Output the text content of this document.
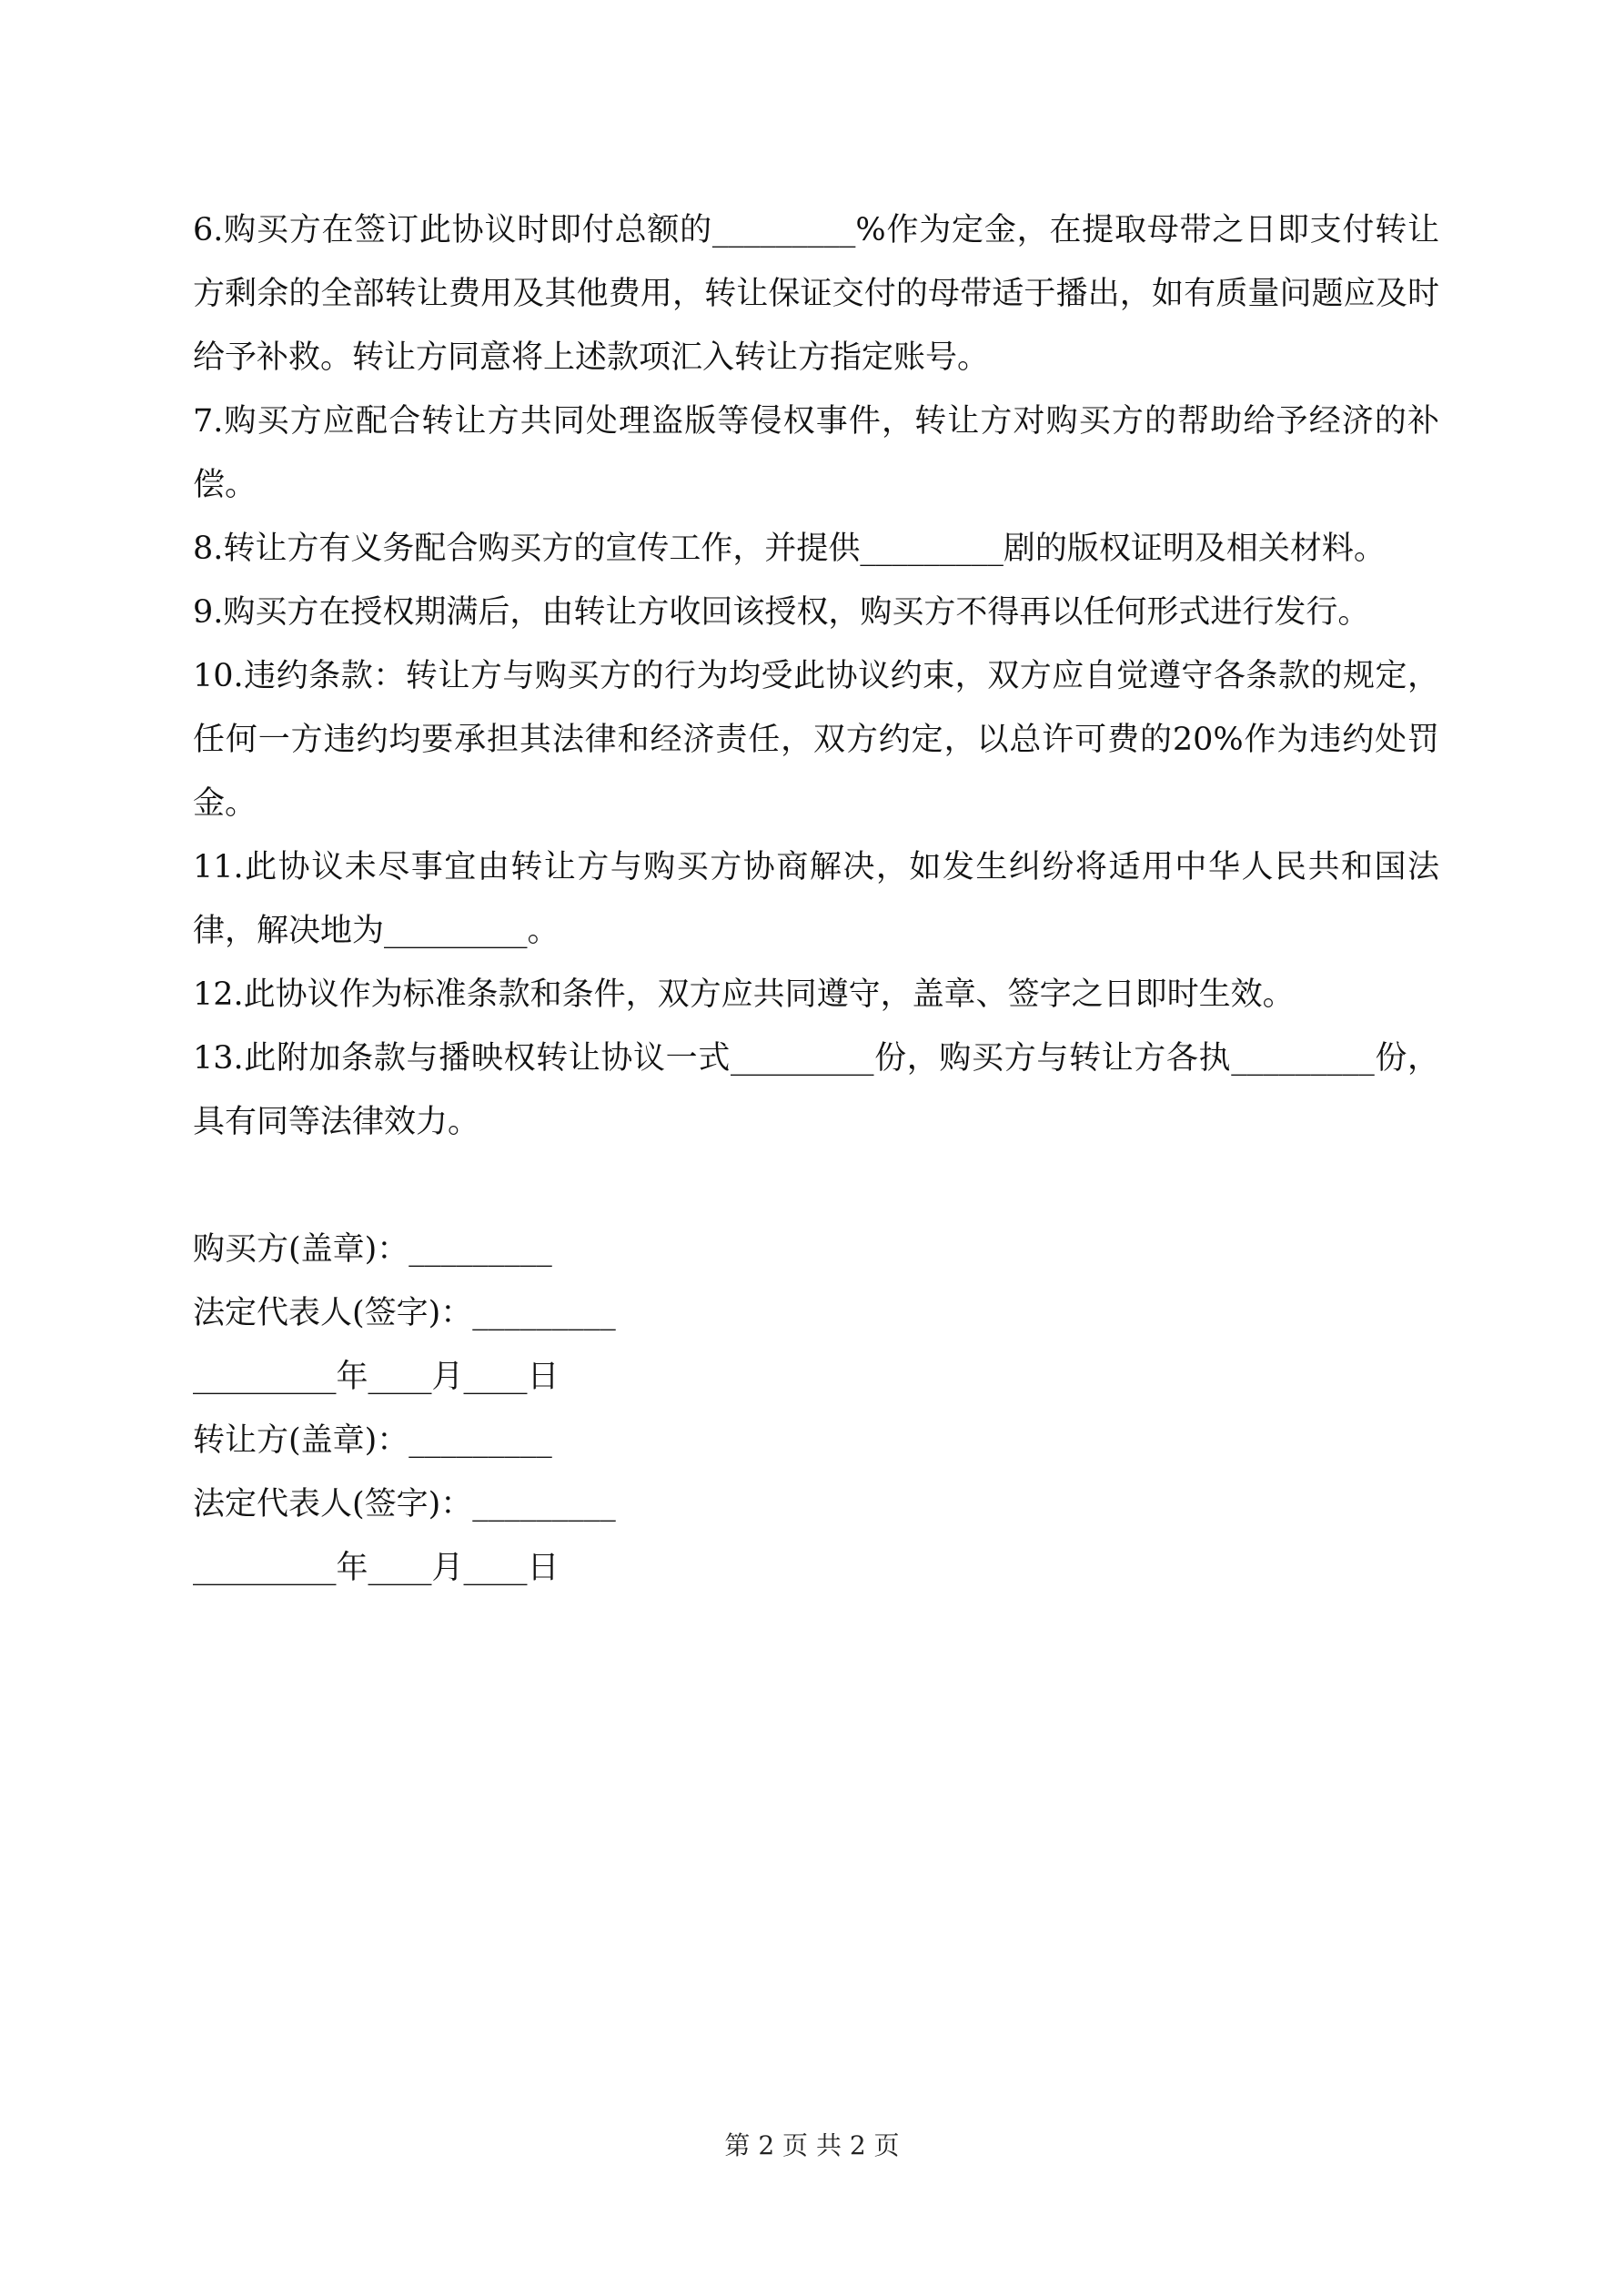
6.购买方在签订此协议时即付总额的_________%作为定金，在提取母带之日即支付转让方剩余的全部转让费用及其他费用，转让保证交付的母带适于播出，如有质量问题应及时给予补救。转让方同意将上述款项汇入转让方指定账号。

7.购买方应配合转让方共同处理盗版等侵权事件，转让方对购买方的帮助给予经济的补偿。

8.转让方有义务配合购买方的宣传工作，并提供_________剧的版权证明及相关材料。

9.购买方在授权期满后，由转让方收回该授权，购买方不得再以任何形式进行发行。

10.违约条款：转让方与购买方的行为均受此协议约束，双方应自觉遵守各条款的规定，任何一方违约均要承担其法律和经济责任，双方约定，以总许可费的20%作为违约处罚金。

11.此协议未尽事宜由转让方与购买方协商解决，如发生纠纷将适用中华人民共和国法律，解决地为_________。

12.此协议作为标准条款和条件，双方应共同遵守，盖章、签字之日即时生效。

13.此附加条款与播映权转让协议一式_________份，购买方与转让方各执_________份，具有同等法律效力。

购买方(盖章)：_________

法定代表人(签字)：_________

_________年____月____日

转让方(盖章)：_________

法定代表人(签字)：_________

_________年____月____日

第 2 页 共 2 页
